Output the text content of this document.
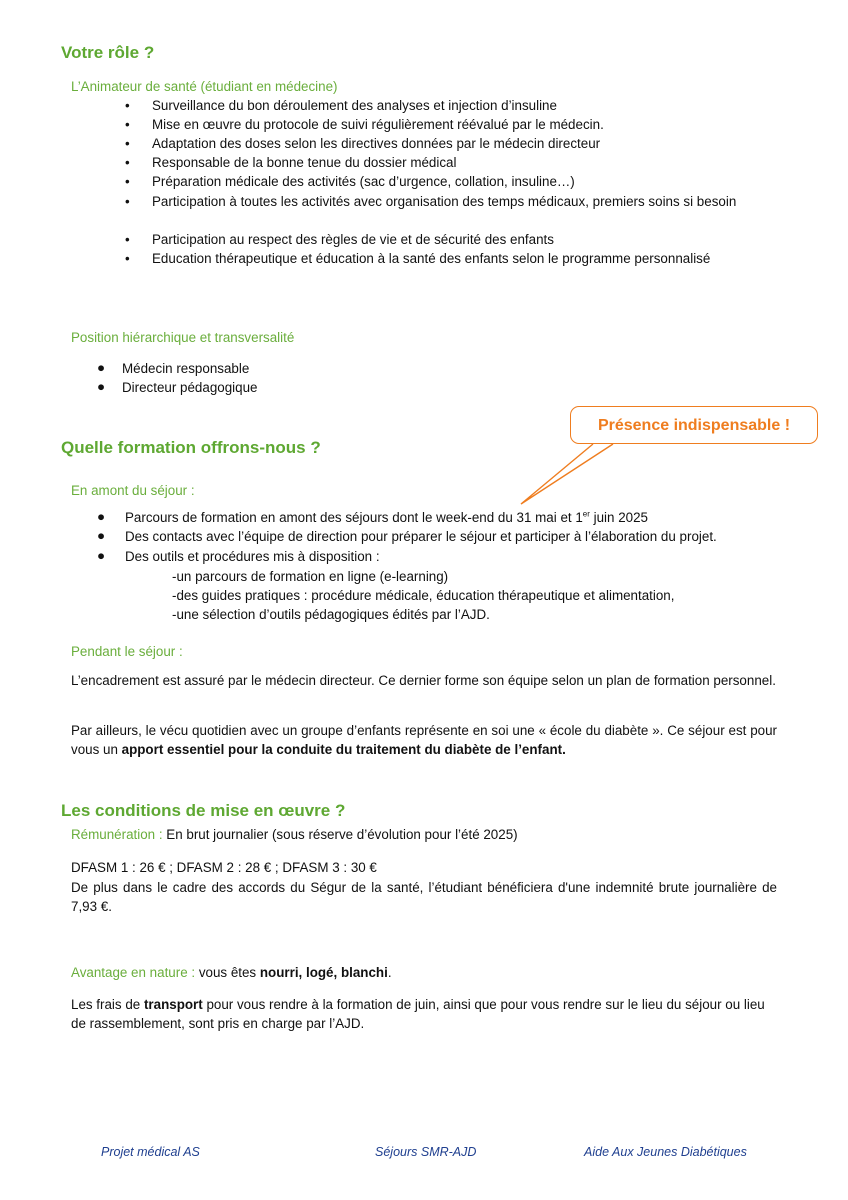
Votre rôle ?
L’Animateur de santé (étudiant en médecine)
• Surveillance du bon déroulement des analyses et injection d’insuline
• Mise en œuvre du protocole de suivi régulièrement réévalué par le médecin.
• Adaptation des doses selon les directives données par le médecin directeur
• Responsable de la bonne tenue du dossier médical
• Préparation médicale des activités (sac d’urgence, collation, insuline…)
• Participation à toutes les activités avec organisation des temps médicaux, premiers soins si besoin
• Participation au respect des règles de vie et de sécurité des enfants
• Education thérapeutique et éducation à la santé des enfants selon le programme personnalisé
Position hiérarchique et transversalité
● Médecin responsable
● Directeur pédagogique
Présence indispensable !
Quelle formation offrons-nous ?
En amont du séjour :
● Parcours de formation en amont des séjours dont le week-end du 31 mai et 1er juin 2025
● Des contacts avec l’équipe de direction pour préparer le séjour et participer à l’élaboration du projet.
● Des outils et procédures mis à disposition :
-un parcours de formation en ligne (e-learning)
-des guides pratiques : procédure médicale, éducation thérapeutique et alimentation,
-une sélection d’outils pédagogiques édités par l’AJD.
Pendant le séjour :
L’encadrement est assuré par le médecin directeur. Ce dernier forme son équipe selon un plan de formation personnel.
Par ailleurs, le vécu quotidien avec un groupe d’enfants représente en soi une « école du diabète ». Ce séjour est pour vous un apport essentiel pour la conduite du traitement du diabète de l’enfant.
Les conditions de mise en œuvre ?
Rémunération : En brut journalier (sous réserve d’évolution pour l’été 2025)
DFASM 1 : 26 € ; DFASM 2 : 28 € ; DFASM 3 : 30 €
De plus dans le cadre des accords du Ségur de la santé, l’étudiant bénéficiera d'une indemnité brute journalière de 7,93 €.
Avantage en nature : vous êtes nourri, logé, blanchi.
Les frais de transport pour vous rendre à la formation de juin, ainsi que pour vous rendre sur le lieu du séjour ou lieu de rassemblement, sont pris en charge par l’AJD.
Projet médical AS	Séjours SMR-AJD	Aide Aux Jeunes Diabétiques
